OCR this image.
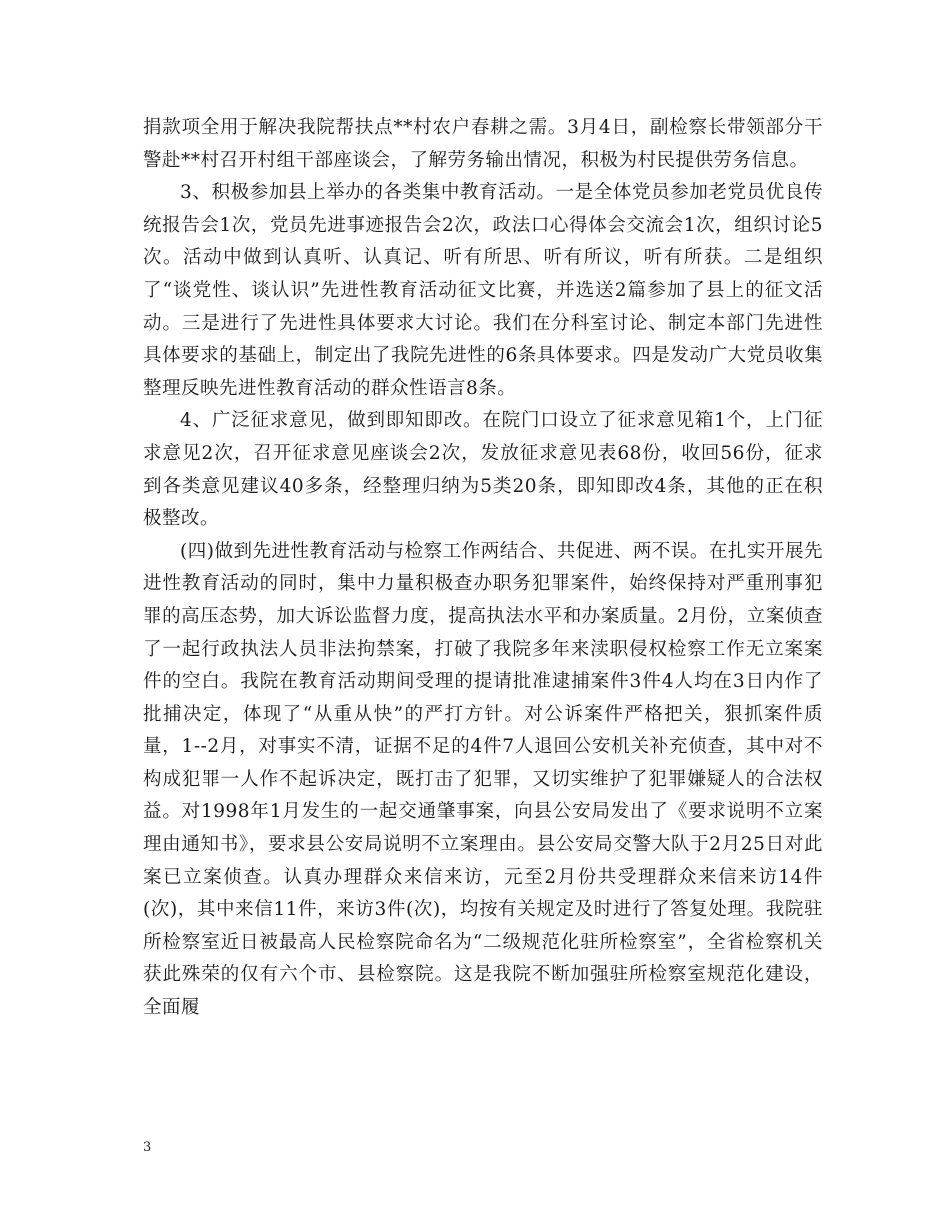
捐款项全用于解决我院帮扶点**村农户春耕之需。3月4日，副检察长带领部分干警赴**村召开村组干部座谈会，了解劳务输出情况，积极为村民提供劳务信息。

3、积极参加县上举办的各类集中教育活动。一是全体党员参加老党员优良传统报告会1次，党员先进事迹报告会2次，政法口心得体会交流会1次，组织讨论5次。活动中做到认真听、认真记、听有所思、听有所议，听有所获。二是组织了“谈党性、谈认识”先进性教育活动征文比赛，并选送2篇参加了县上的征文活动。三是进行了先进性具体要求大讨论。我们在分科室讨论、制定本部门先进性具体要求的基础上，制定出了我院先进性的6条具体要求。四是发动广大党员收集整理反映先进性教育活动的群众性语言8条。

4、广泛征求意见，做到即知即改。在院门口设立了征求意见箱1个，上门征求意见2次，召开征求意见座谈会2次，发放征求意见表68份，收回56份，征求到各类意见建议40多条，经整理归纳为5类20条，即知即改4条，其他的正在积极整改。

(四)做到先进性教育活动与检察工作两结合、共促进、两不误。在扎实开展先进性教育活动的同时，集中力量积极查办职务犯罪案件，始终保持对严重刑事犯罪的高压态势，加大诉讼监督力度，提高执法水平和办案质量。2月份，立案侦查了一起行政执法人员非法拘禁案，打破了我院多年来渎职侵权检察工作无立案案件的空白。我院在教育活动期间受理的提请批准逮捕案件3件4人均在3日内作了批捕决定，体现了“从重从快”的严打方针。对公诉案件严格把关，狠抓案件质量，1--2月，对事实不清，证据不足的4件7人退回公安机关补充侦查，其中对不构成犯罪一人作不起诉决定，既打击了犯罪，又切实维护了犯罪嫌疑人的合法权益。对1998年1月发生的一起交通肇事案，向县公安局发出了《要求说明不立案理由通知书》，要求县公安局说明不立案理由。县公安局交警大队于2月25日对此案已立案侦查。认真办理群众来信来访，元至2月份共受理群众来信来访14件(次)，其中来信11件，来访3件(次)，均按有关规定及时进行了答复处理。我院驻所检察室近日被最高人民检察院命名为“二级规范化驻所检察室”，全省检察机关获此殊荣的仅有六个市、县检察院。这是我院不断加强驻所检察室规范化建设，全面履

3
